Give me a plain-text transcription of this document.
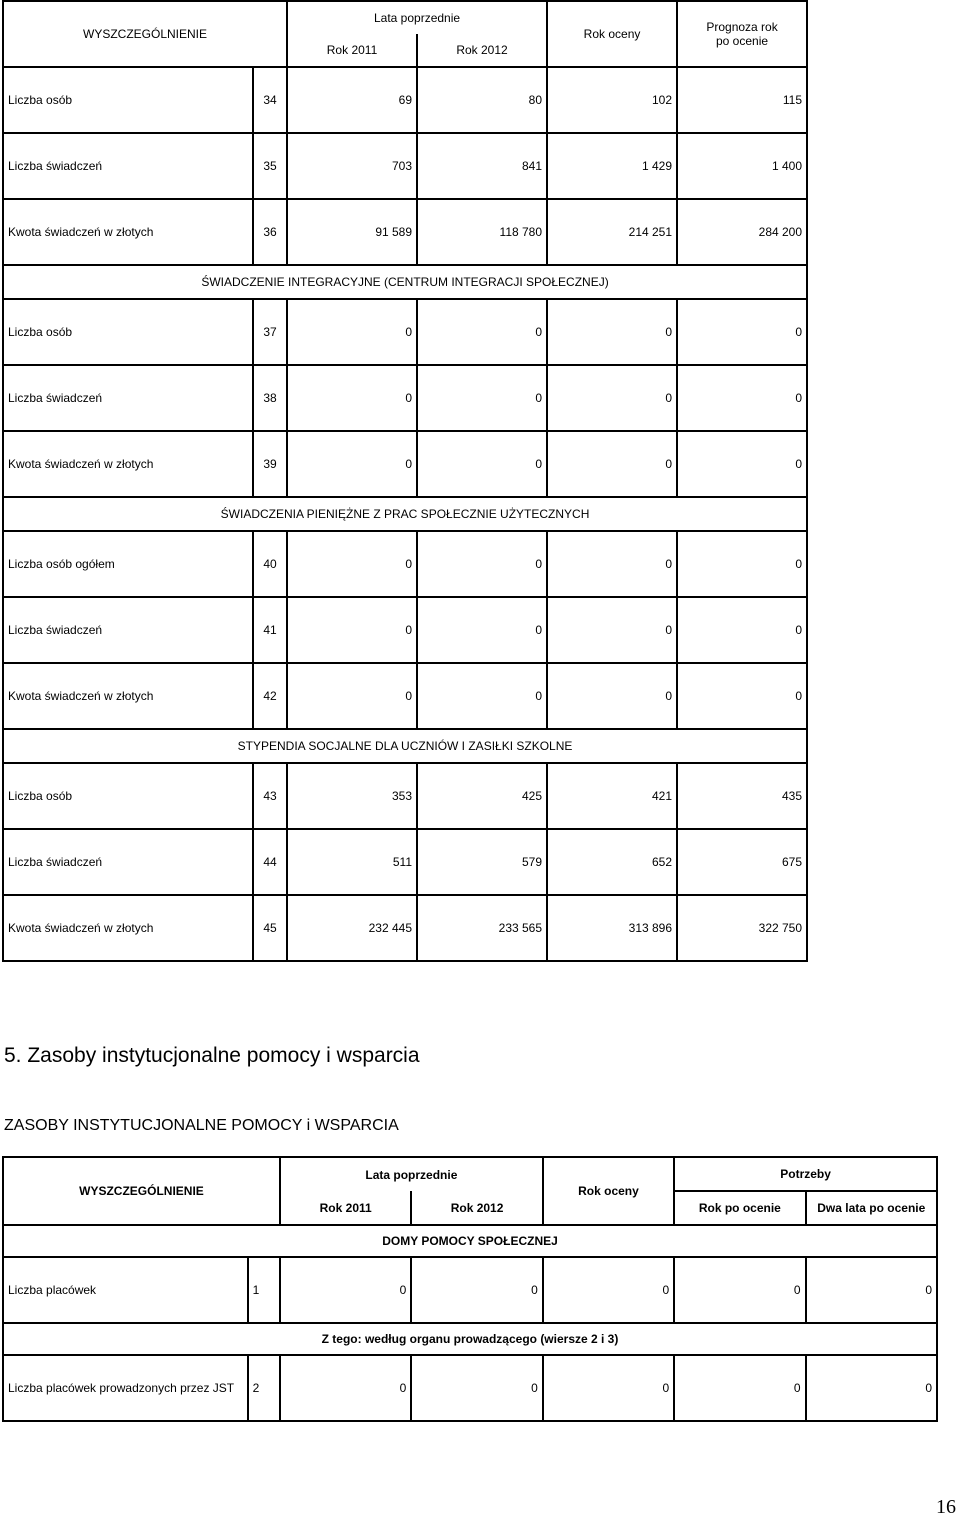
WYSZCZEGÓLNIENIE		Lata poprzednie		Rok oceny	Prognoza rok
po ocenie

		Rok 2011	Rok 2012		
Liczba osób	34	69	80	102	115
Liczba świadczeń	35	703	841	1 429	1 400
Kwota świadczeń w złotych	36	91 589	118 780	214 251	284 200
ŚWIADCZENIE INTEGRACYJNE (CENTRUM INTEGRACJI SPOŁECZNEJ)					
Liczba osób	37	0	0	0	0
Liczba świadczeń	38	0	0	0	0
Kwota świadczeń w złotych	39	0	0	0	0
ŚWIADCZENIA PIENIĘŻNE Z PRAC SPOŁECZNIE UŻYTECZNYCH					
Liczba osób ogółem	40	0	0	0	0
Liczba świadczeń	41	0	0	0	0
Kwota świadczeń w złotych	42	0	0	0	0
STYPENDIA SOCJALNE DLA UCZNIÓW I ZASIŁKI SZKOLNE					
Liczba osób	43	353	425	421	435
Liczba świadczeń	44	511	579	652	675
Kwota świadczeń w złotych	45	232 445	233 565	313 896	322 750
5. Zasoby instytucjonalne pomocy i wsparcia
ZASOBY INSTYTUCJONALNE POMOCY i WSPARCIA
WYSZCZEGÓLNIENIE		Lata poprzednie		Rok oceny	Potrzeby	
		Rok 2011	Rok 2012		Rok po ocenie	Dwa lata po ocenie
DOMY POMOCY SPOŁECZNEJ						
Liczba placówek	1	0	0	0	0	0
Z tego: według organu prowadzącego (wiersze 2 i 3)						
Liczba placówek prowadzonych przez JST	2	0	0	0	0	0
16
